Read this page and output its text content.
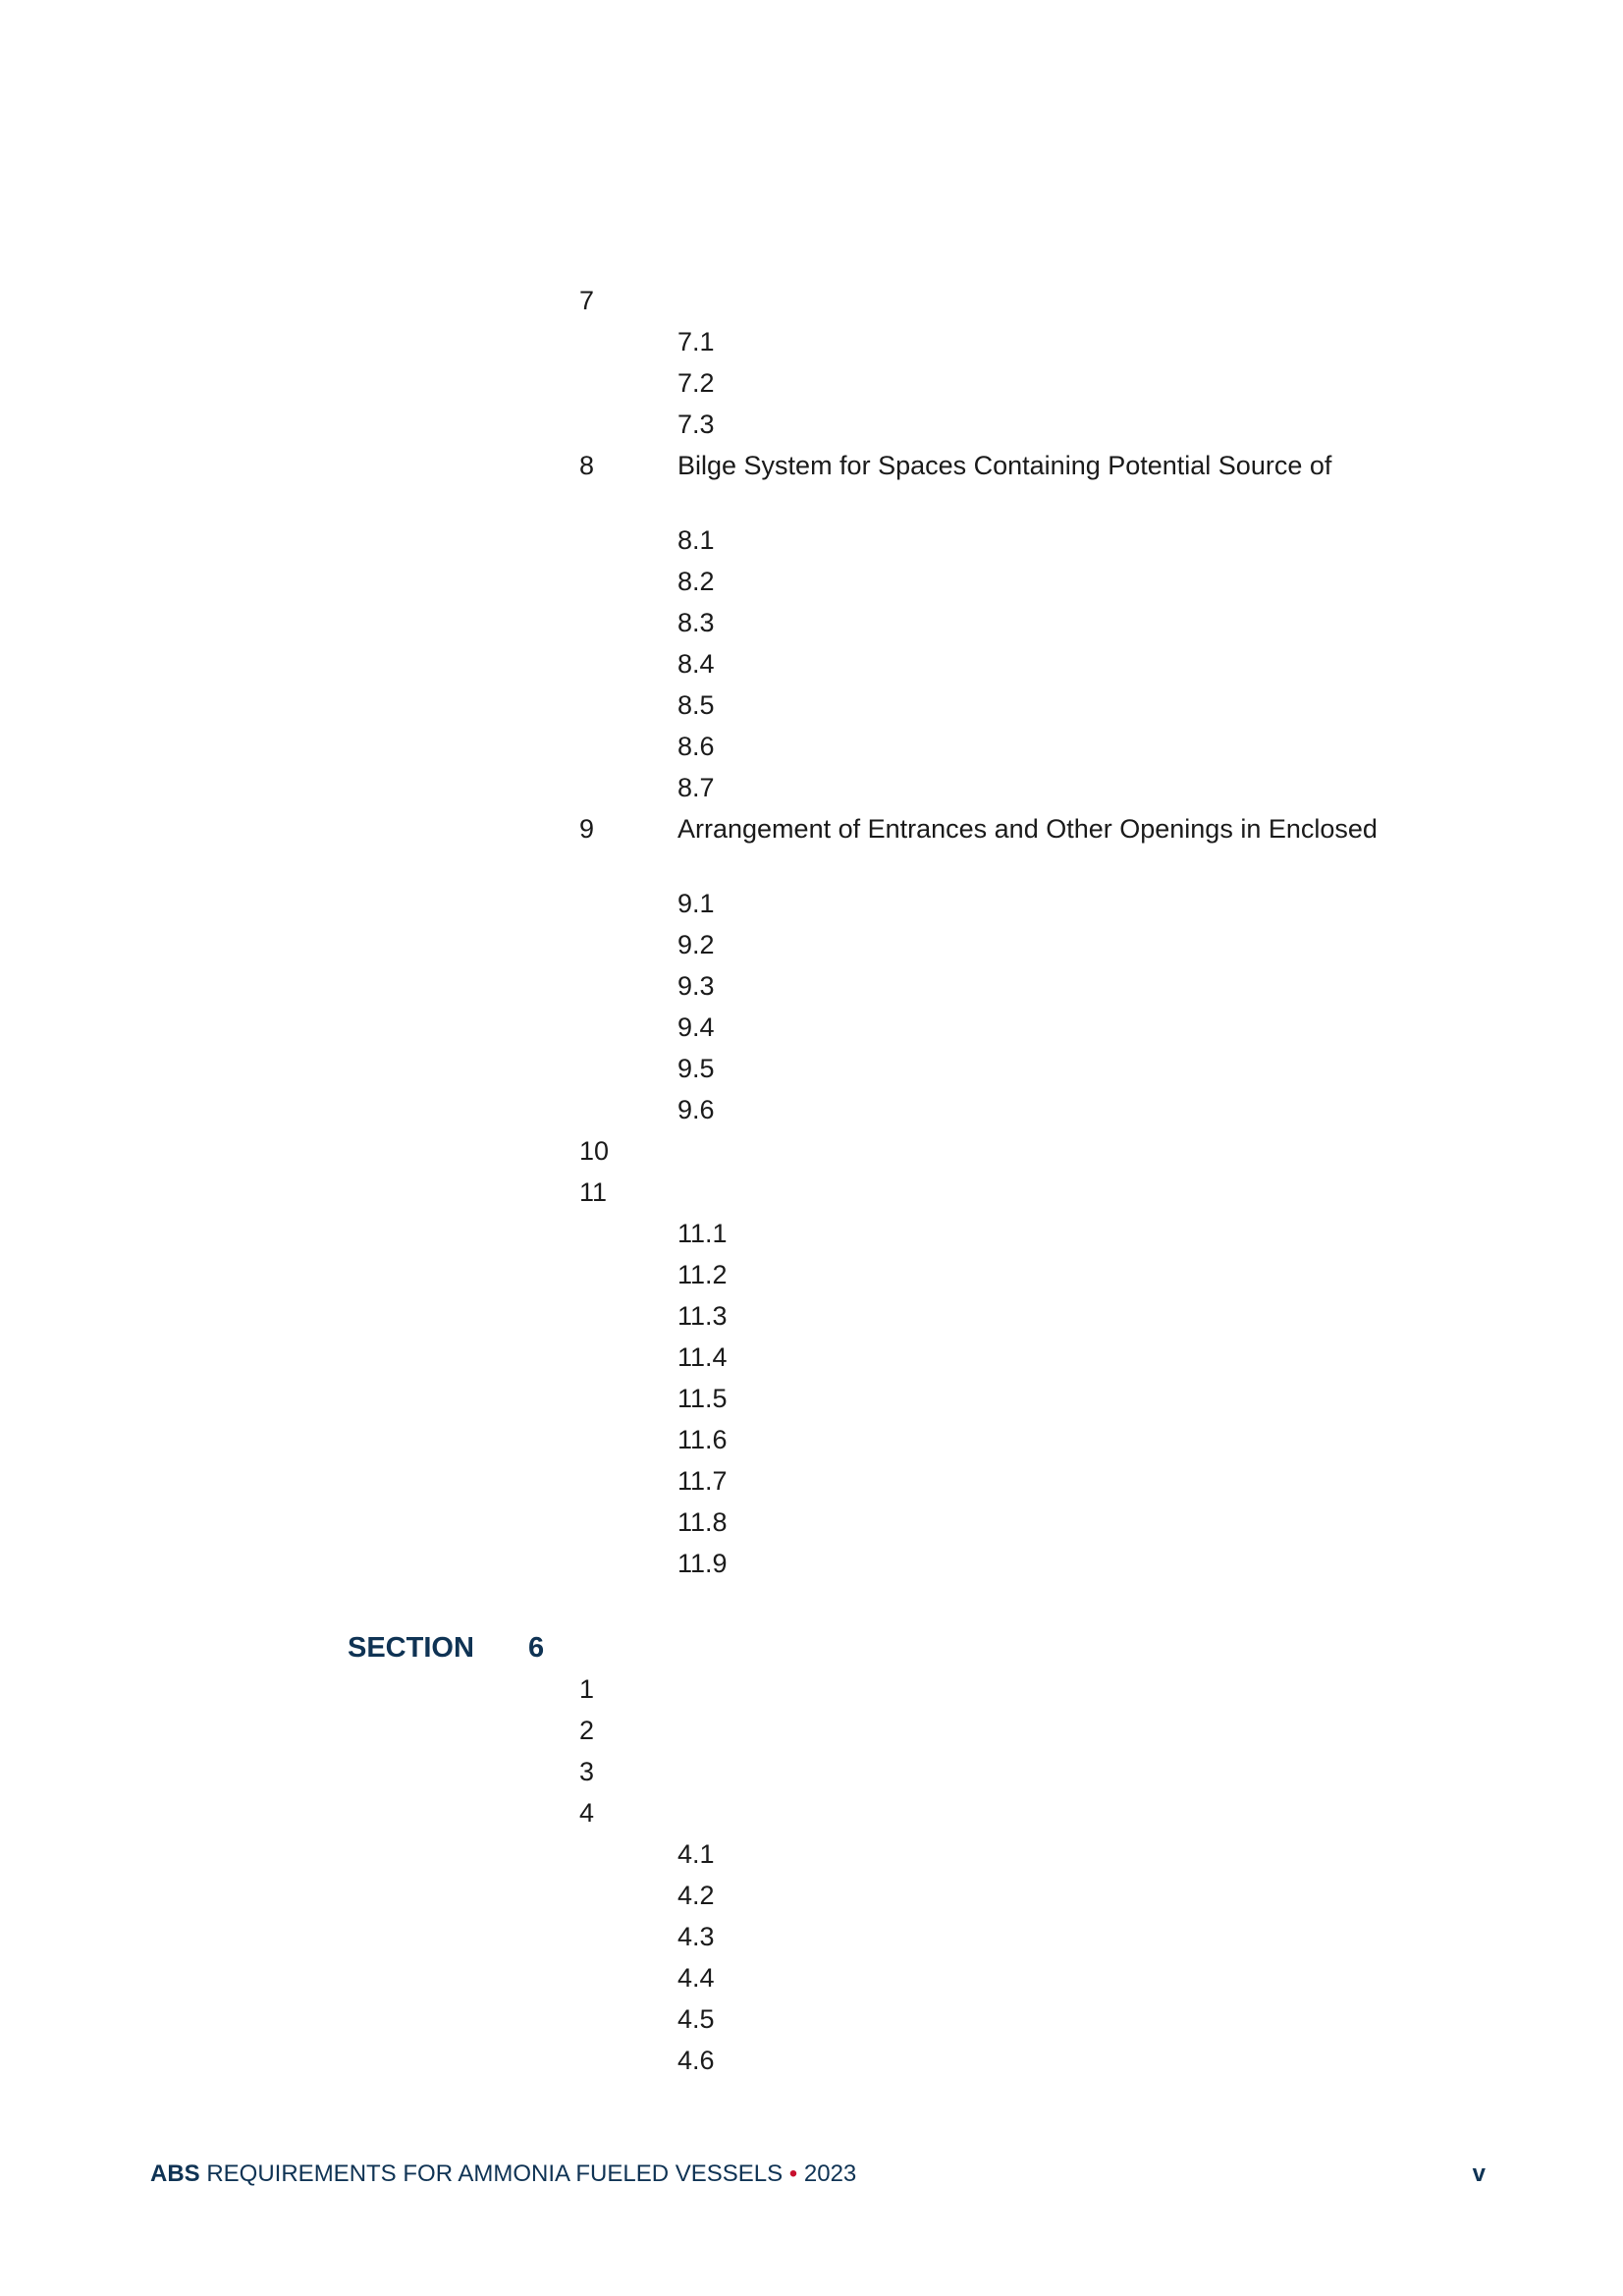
7
7.1
7.2
7.3
8	Bilge System for Spaces Containing Potential Source of
8.1
8.2
8.3
8.4
8.5
8.6
8.7
9	Arrangement of Entrances and Other Openings in Enclosed
9.1
9.2
9.3
9.4
9.5
9.6
10
11
11.1
11.2
11.3
11.4
11.5
11.6
11.7
11.8
11.9
SECTION 6
1
2
3
4
4.1
4.2
4.3
4.4
4.5
4.6
ABS REQUIREMENTS FOR AMMONIA FUELED VESSELS • 2023	v
